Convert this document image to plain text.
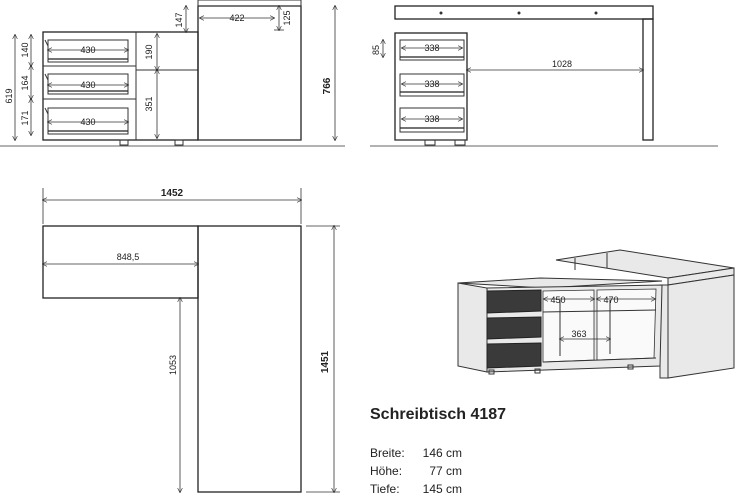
619
140
164
171
430
430
430
190
351
147	422	125
766
85	338
338
338
1028
1452
848,5
1053	1451
450	470
363
Schreibtisch 4187
Breite:	146 cm
Höhe:	77 cm
Tiefe:	145 cm
